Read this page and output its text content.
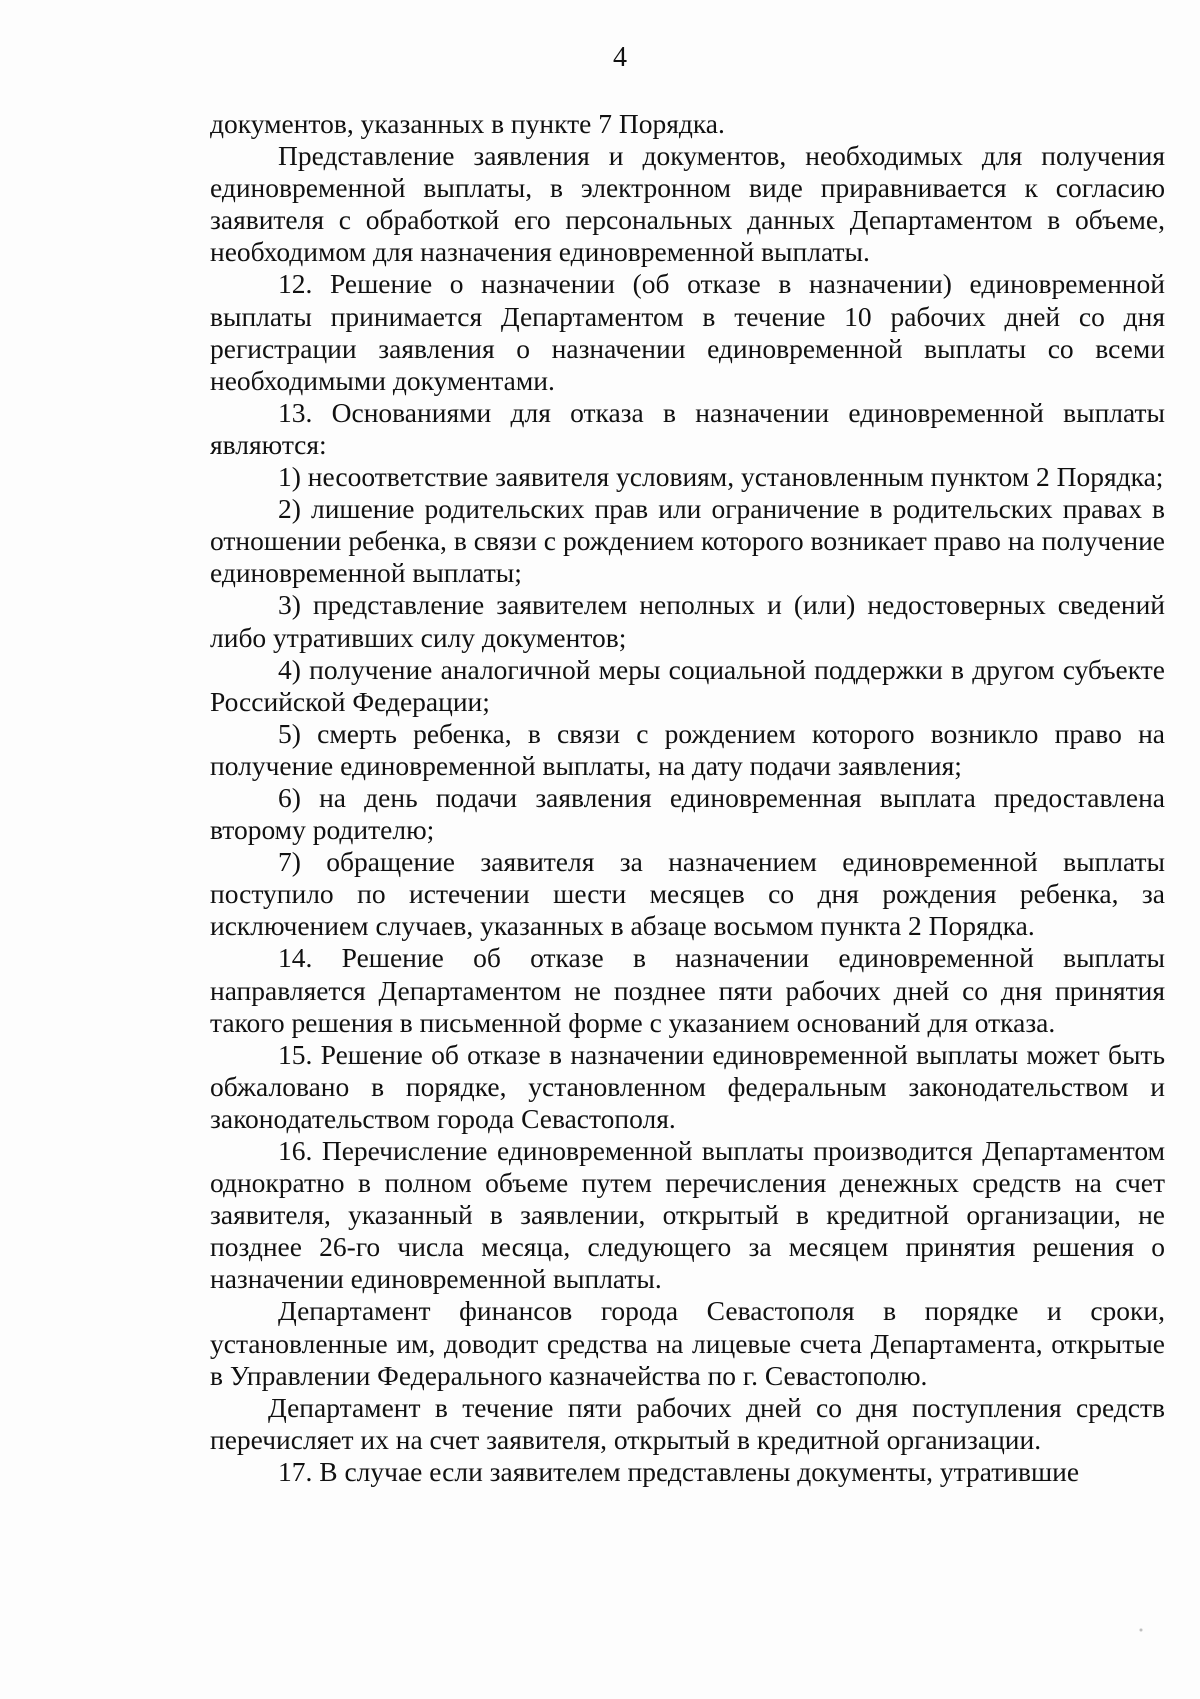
4

документов, указанных в пункте 7 Порядка.

Представление заявления и документов, необходимых для получения единовременной выплаты, в электронном виде приравнивается к согласию заявителя с обработкой его персональных данных Департаментом в объеме, необходимом для назначения единовременной выплаты.

12. Решение о назначении (об отказе в назначении) единовременной выплаты принимается Департаментом в течение 10 рабочих дней со дня регистрации заявления о назначении единовременной выплаты со всеми необходимыми документами.

13. Основаниями для отказа в назначении единовременной выплаты являются:

1) несоответствие заявителя условиям, установленным пунктом 2 Порядка;

2) лишение родительских прав или ограничение в родительских правах в отношении ребенка, в связи с рождением которого возникает право на получение единовременной выплаты;

3) представление заявителем неполных и (или) недостоверных сведений либо утративших силу документов;

4) получение аналогичной меры социальной поддержки в другом субъекте Российской Федерации;

5) смерть ребенка, в связи с рождением которого возникло право на получение единовременной выплаты, на дату подачи заявления;

6) на день подачи заявления единовременная выплата предоставлена второму родителю;

7) обращение заявителя за назначением единовременной выплаты поступило по истечении шести месяцев со дня рождения ребенка, за исключением случаев, указанных в абзаце восьмом пункта 2 Порядка.

14. Решение об отказе в назначении единовременной выплаты направляется Департаментом не позднее пяти рабочих дней со дня принятия такого решения в письменной форме с указанием оснований для отказа.

15. Решение об отказе в назначении единовременной выплаты может быть обжаловано в порядке, установленном федеральным законодательством и законодательством города Севастополя.

16. Перечисление единовременной выплаты производится Департаментом однократно в полном объеме путем перечисления денежных средств на счет заявителя, указанный в заявлении, открытый в кредитной организации, не позднее 26-го числа месяца, следующего за месяцем принятия решения о назначении единовременной выплаты.

Департамент финансов города Севастополя в порядке и сроки, установленные им, доводит средства на лицевые счета Департамента, открытые в Управлении Федерального казначейства по г. Севастополю.

Департамент в течение пяти рабочих дней со дня поступления средств перечисляет их на счет заявителя, открытый в кредитной организации.

17. В случае если заявителем представлены документы, утратившие
